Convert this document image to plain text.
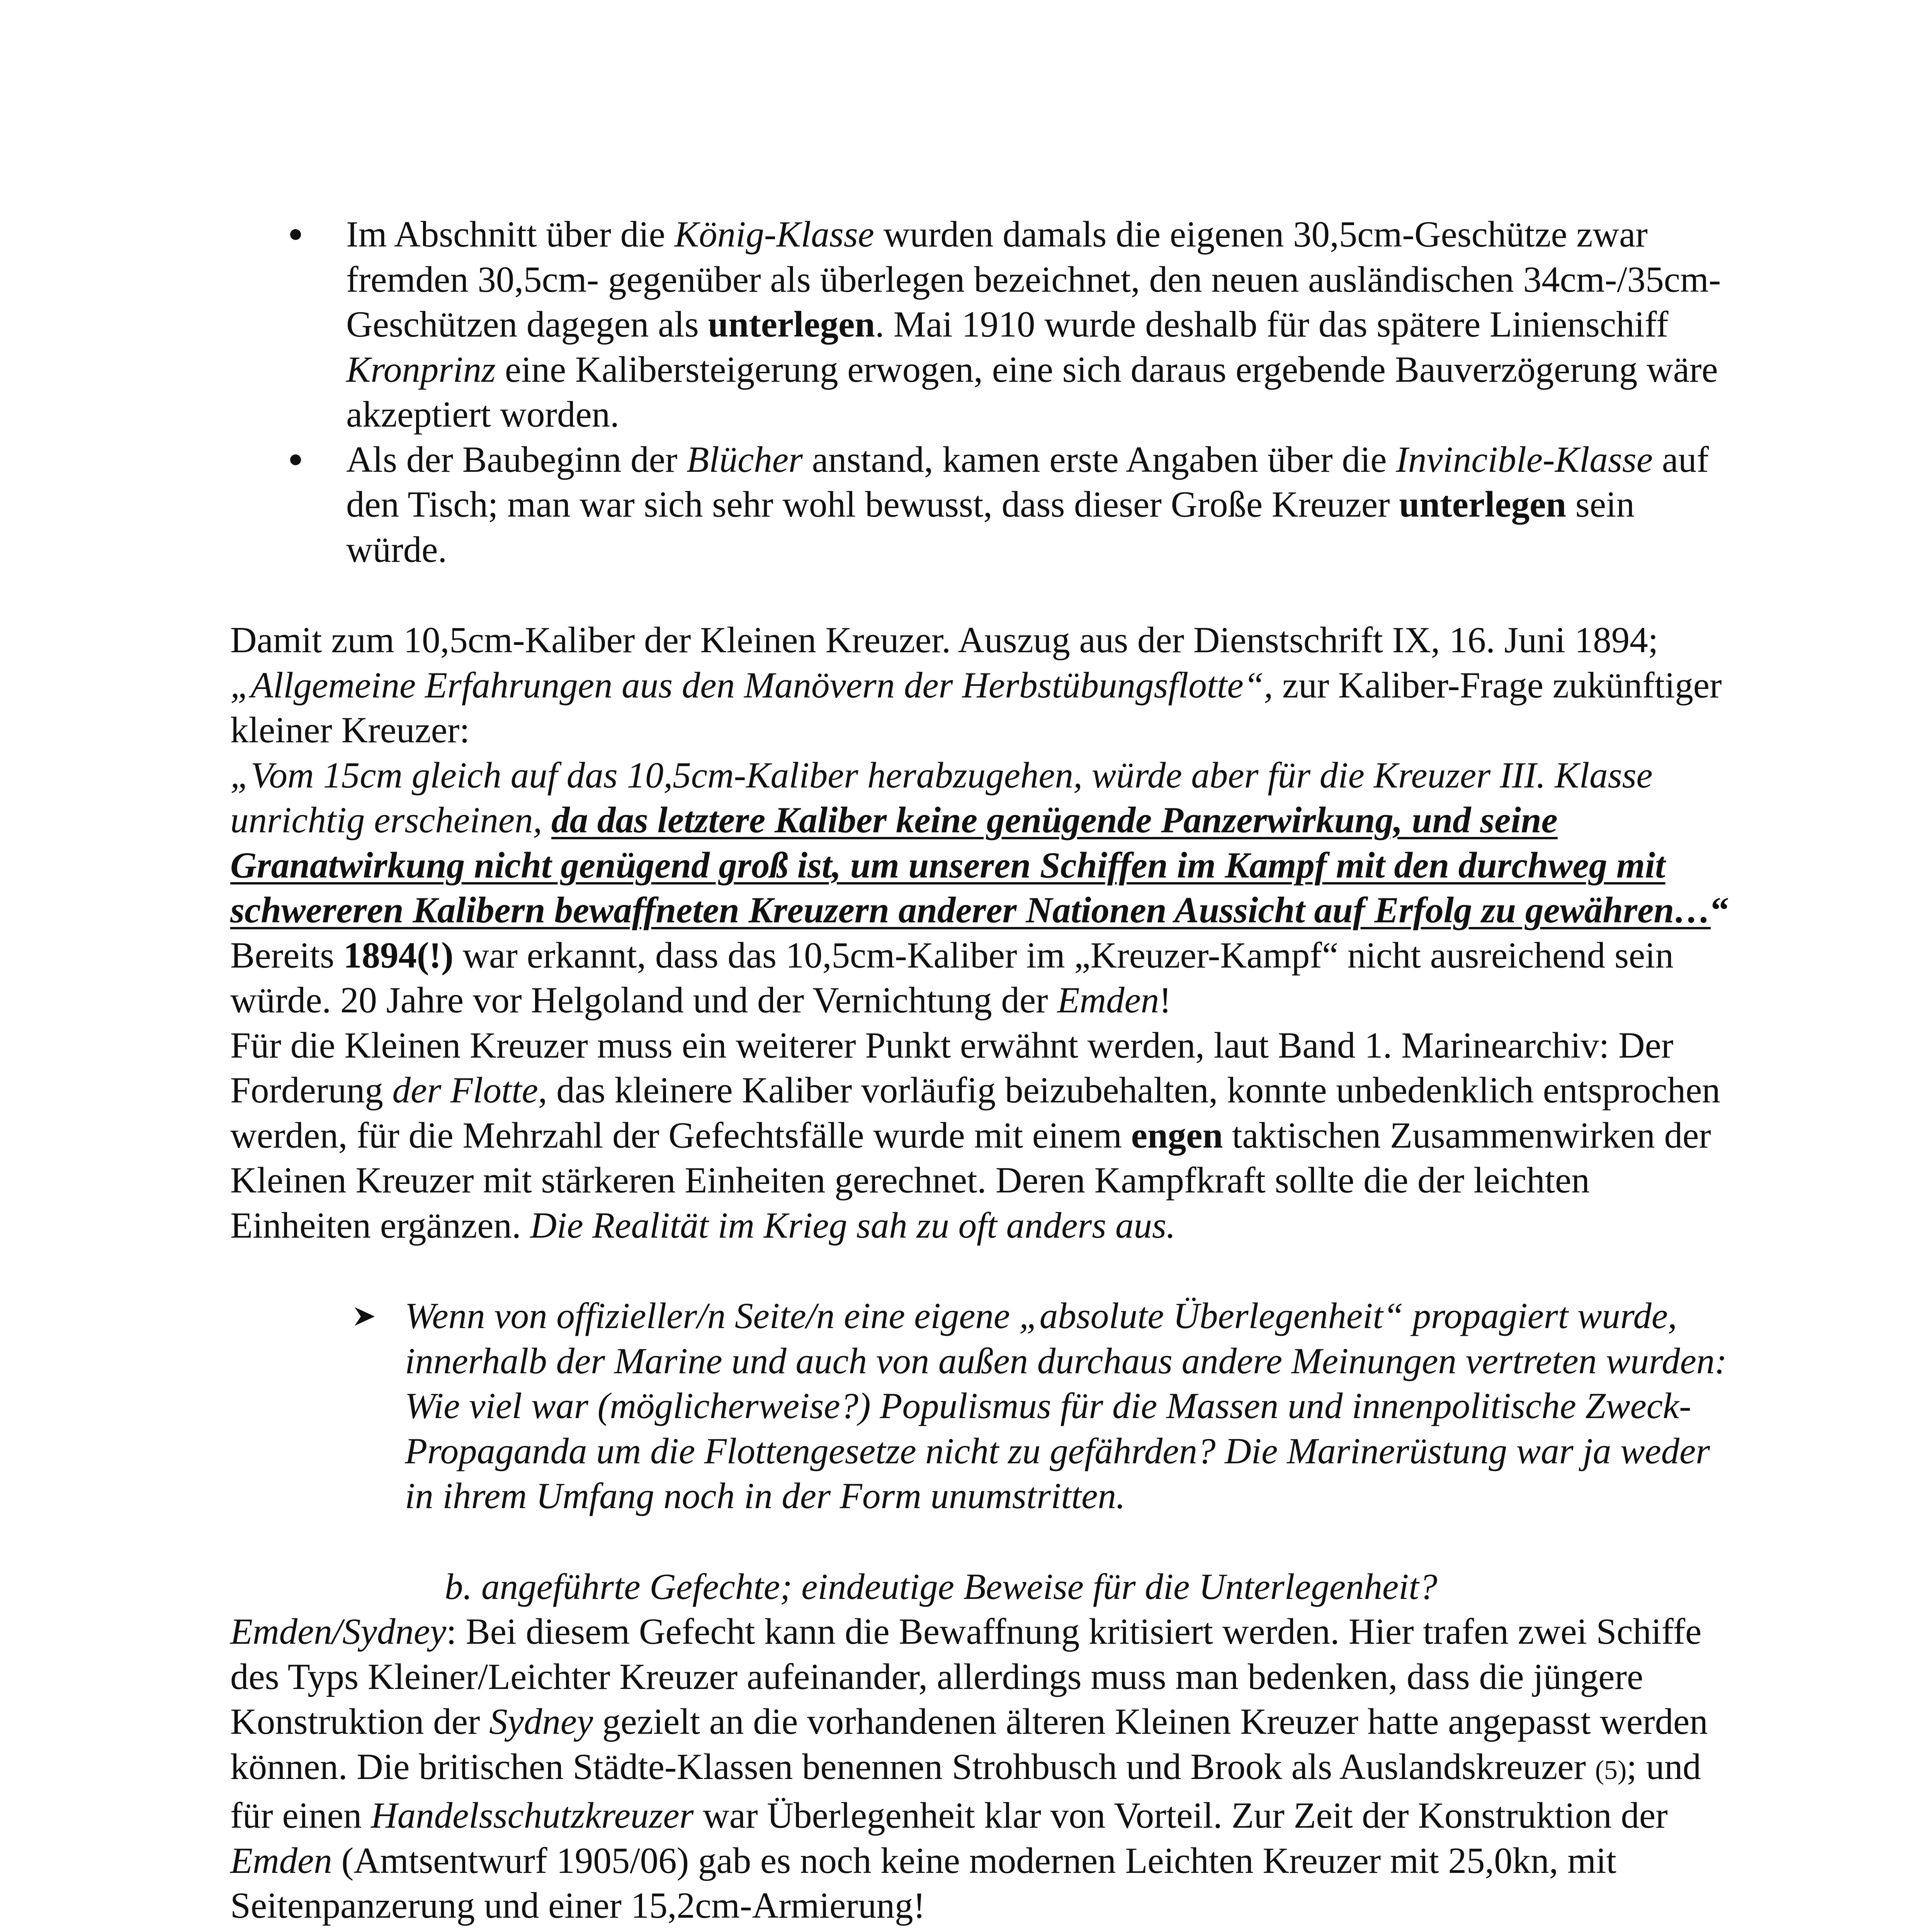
Im Abschnitt über die König-Klasse wurden damals die eigenen 30,5cm-Geschütze zwar fremden 30,5cm- gegenüber als überlegen bezeichnet, den neuen ausländischen 34cm-/35cm-Geschützen dagegen als unterlegen. Mai 1910 wurde deshalb für das spätere Linienschiff Kronprinz eine Kalibersteigerung erwogen, eine sich daraus ergebende Bauverzögerung wäre akzeptiert worden.
Als der Baubeginn der Blücher anstand, kamen erste Angaben über die Invincible-Klasse auf den Tisch; man war sich sehr wohl bewusst, dass dieser Große Kreuzer unterlegen sein würde.

Damit zum 10,5cm-Kaliber der Kleinen Kreuzer. Auszug aus der Dienstschrift IX, 16. Juni 1894; „Allgemeine Erfahrungen aus den Manövern der Herbstübungsflotte“, zur Kaliber-Frage zukünftiger kleiner Kreuzer:

„Vom 15cm gleich auf das 10,5cm-Kaliber herabzugehen, würde aber für die Kreuzer III. Klasse unrichtig erscheinen, da das letztere Kaliber keine genügende Panzerwirkung, und seine Granatwirkung nicht genügend groß ist, um unseren Schiffen im Kampf mit den durchweg mit schwereren Kalibern bewaffneten Kreuzern anderer Nationen Aussicht auf Erfolg zu gewähren…“

Bereits 1894(!) war erkannt, dass das 10,5cm-Kaliber im „Kreuzer-Kampf“ nicht ausreichend sein würde. 20 Jahre vor Helgoland und der Vernichtung der Emden!

Für die Kleinen Kreuzer muss ein weiterer Punkt erwähnt werden, laut Band 1. Marinearchiv: Der Forderung der Flotte, das kleinere Kaliber vorläufig beizubehalten, konnte unbedenklich entsprochen werden, für die Mehrzahl der Gefechtsfälle wurde mit einem engen taktischen Zusammenwirken der Kleinen Kreuzer mit stärkeren Einheiten gerechnet. Deren Kampfkraft sollte die der leichten Einheiten ergänzen. Die Realität im Krieg sah zu oft anders aus.

Wenn von offizieller/n Seite/n eine eigene „absolute Überlegenheit“ propagiert wurde, innerhalb der Marine und auch von außen durchaus andere Meinungen vertreten wurden: Wie viel war (möglicherweise?) Populismus für die Massen und innenpolitische Zweck-Propaganda um die Flottengesetze nicht zu gefährden? Die Marinerüstung war ja weder in ihrem Umfang noch in der Form unumstritten.

b. angeführte Gefechte; eindeutige Beweise für die Unterlegenheit?

Emden/Sydney: Bei diesem Gefecht kann die Bewaffnung kritisiert werden. Hier trafen zwei Schiffe des Typs Kleiner/Leichter Kreuzer aufeinander, allerdings muss man bedenken, dass die jüngere Konstruktion der Sydney gezielt an die vorhandenen älteren Kleinen Kreuzer hatte angepasst werden können. Die britischen Städte-Klassen benennen Strohbusch und Brook als Auslandskreuzer (5); und für einen Handelsschutzkreuzer war Überlegenheit klar von Vorteil. Zur Zeit der Konstruktion der Emden (Amtsentwurf 1905/06) gab es noch keine modernen Leichten Kreuzer mit 25,0kn, mit Seitenpanzerung und einer 15,2cm-Armierung!
